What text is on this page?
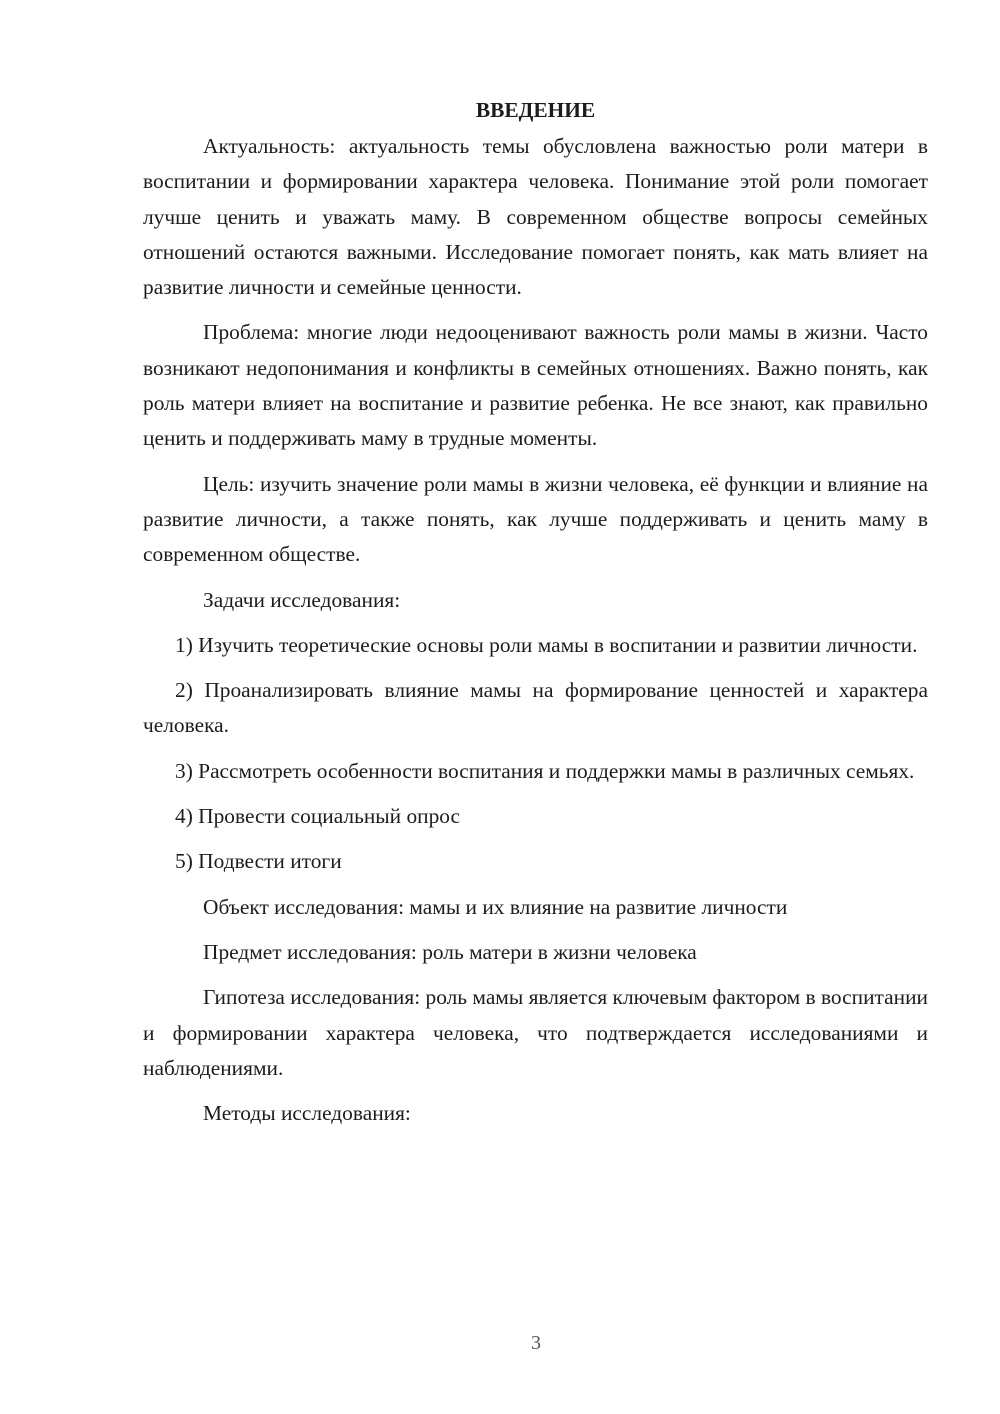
ВВЕДЕНИЕ

Актуальность: актуальность темы обусловлена важностью роли матери в воспитании и формировании характера человека. Понимание этой роли помогает лучше ценить и уважать маму. В современном обществе вопросы семейных отношений остаются важными. Исследование помогает понять, как мать влияет на развитие личности и семейные ценности.

Проблема: многие люди недооценивают важность роли мамы в жизни. Часто возникают недопонимания и конфликты в семейных отношениях. Важно понять, как роль матери влияет на воспитание и развитие ребенка. Не все знают, как правильно ценить и поддерживать маму в трудные моменты.

Цель: изучить значение роли мамы в жизни человека, её функции и влияние на развитие личности, а также понять, как лучше поддерживать и ценить маму в современном обществе.

Задачи исследования:

1) Изучить теоретические основы роли мамы в воспитании и развитии личности.

2) Проанализировать влияние мамы на формирование ценностей и характера человека.

3) Рассмотреть особенности воспитания и поддержки мамы в различных семьях.

4) Провести социальный опрос

5) Подвести итоги

Объект исследования: мамы и их влияние на развитие личности

Предмет исследования: роль матери в жизни человека

Гипотеза исследования: роль мамы является ключевым фактором в воспитании и формировании характера человека, что подтверждается исследованиями и наблюдениями.

Методы исследования:

3
